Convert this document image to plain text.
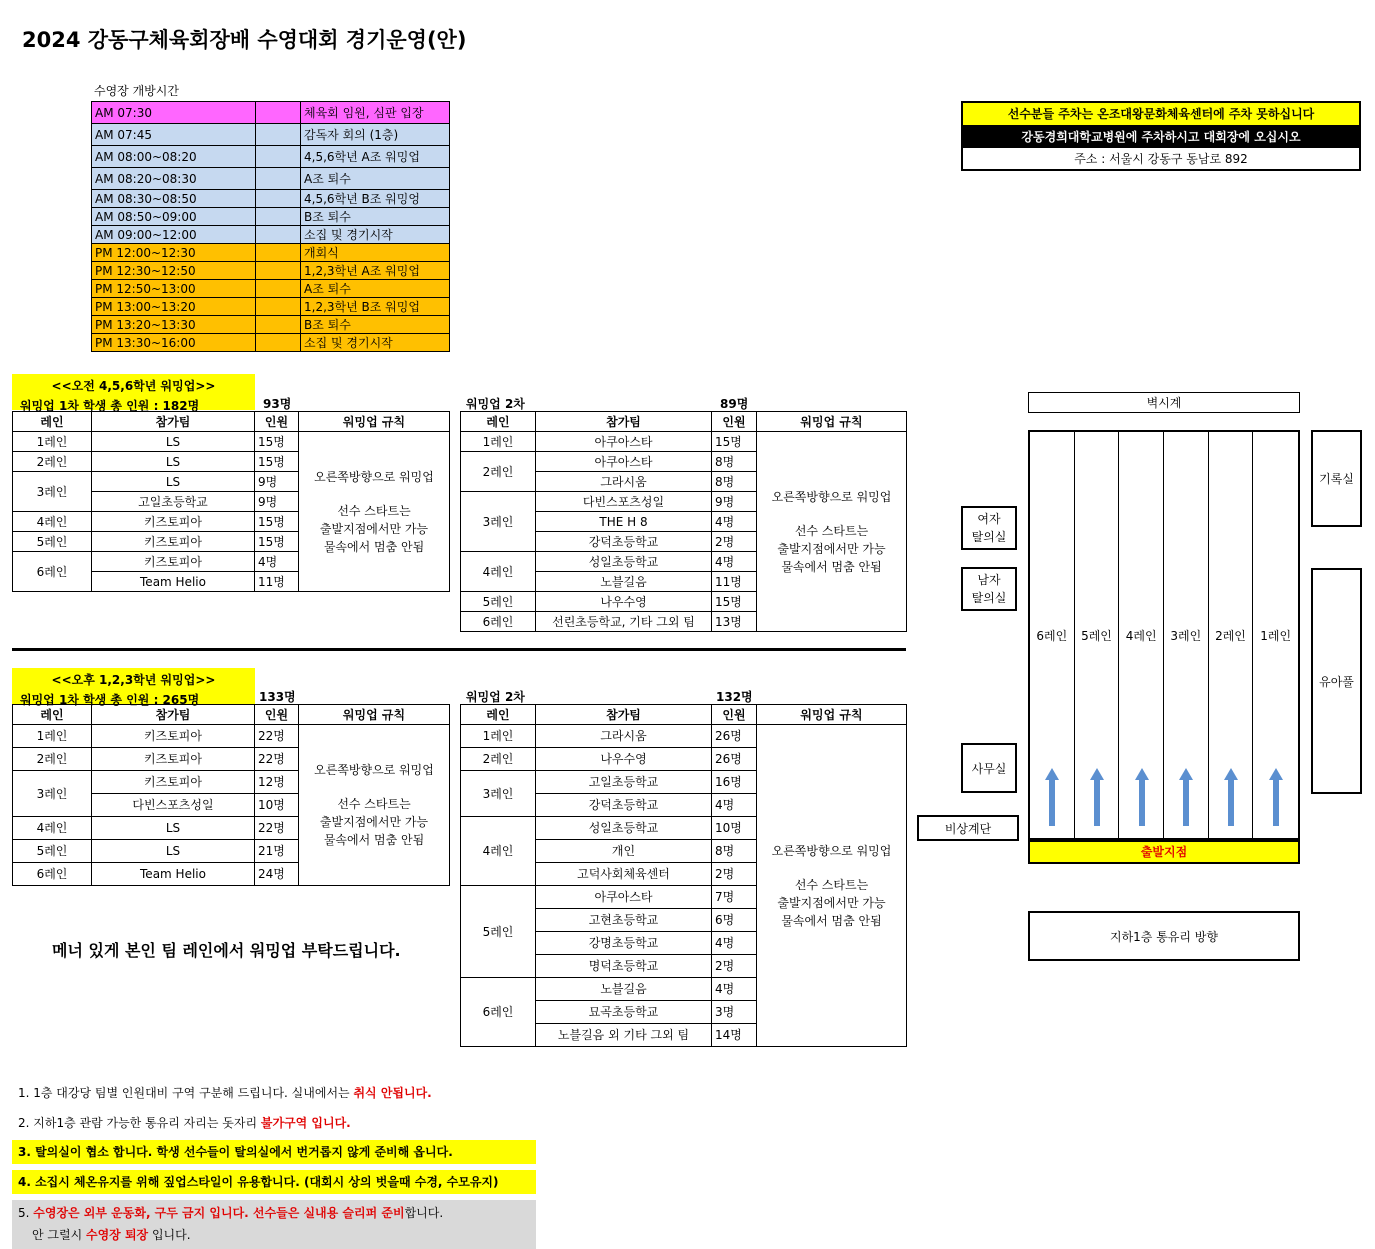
2024 강동구체육회장배 수영대회 경기운영(안)
수영장 개방시간
AM 07:30		체육회 임원, 심판 입장
AM 07:45		감독자 회의 (1층)
AM 08:00~08:20		4,5,6학년 A조 워밍업
AM 08:20~08:30		A조 퇴수
AM 08:30~08:50		4,5,6학년 B조 워밍엉
AM 08:50~09:00		B조 퇴수
AM 09:00~12:00		소집 및 경기시작
PM 12:00~12:30		개회식
PM 12:30~12:50		1,2,3학년 A조 워밍업
PM 12:50~13:00		A조 퇴수
PM 13:00~13:20		1,2,3학년 B조 워밍업
PM 13:20~13:30		B조 퇴수
PM 13:30~16:00		소집 및 경기시작
선수분들 주차는 온조대왕문화체육센터에 주차 못하십니다
강동경희대학교병원에 주차하시고 대회장에 오십시오
주소 : 서울시 강동구 동남로 892
<<오전 4,5,6학년 워밍업>>
워밍업 1차 학생 총 인원 : 182명	93명	워밍업 2차	89명
레인	참가팀	인원	워밍업 규칙
1레인	LS	15명	오른쪽방향으로 워밍업
선수 스타트는
출발지점에서만 가능
물속에서 멈춤 안됨

2레인	LS	15명	
3레인	LS	9명	
	고일초등학교	9명	
4레인	키즈토피아	15명	
5레인	키즈토피아	15명	
6레인	키즈토피아	4명	
	Team Helio	11명	
레인	참가팀	인원	워밍업 규칙
1레인	아쿠아스타	15명	오른쪽방향으로 워밍업
선수 스타트는
출발지점에서만 가능
물속에서 멈춤 안됨

2레인	아쿠아스타	8명	
	그라시움	8명	
3레인	다빈스포츠성일	9명	
	THE H 8	4명	
	강덕초등학교	2명	
4레인	성일초등학교	4명	
	노블길음	11명	
5레인	나우수영	15명	
6레인	선린초등학교, 기타 그외 팀	13명	
<<오후 1,2,3학년 워밍업>>
워밍업 1차 학생 총 인원 : 265명	133명	워밍업 2차	132명
레인	참가팀	인원	워밍업 규칙
1레인	키즈토피아	22명	오른쪽방향으로 워밍업
선수 스타트는
출발지점에서만 가능
물속에서 멈춤 안됨

2레인	키즈토피아	22명	
3레인	키즈토피아	12명	
	다빈스포츠성일	10명	
4레인	LS	22명	
5레인	LS	21명	
6레인	Team Helio	24명	
레인	참가팀	인원	워밍업 규칙
1레인	그라시움	26명	오른쪽방향으로 워밍업
선수 스타트는
출발지점에서만 가능
물속에서 멈춤 안됨

2레인	나우수영	26명	
3레인	고일초등학교	16명	
	강덕초등학교	4명	
4레인	성일초등학교	10명	
	개인	8명	
	고덕사회체육센터	2명	
5레인	아쿠아스타	7명	
	고현초등학교	6명	
	강명초등학교	4명	
	명덕초등학교	2명	
6레인	노블길음	4명	
	묘곡초등학교	3명	
	노블길음 외 기타 그외 팀	14명	
메너 있게 본인 팀 레인에서 워밍업 부탁드립니다.
벽시계
기록실
여자
탈의실
남자
탈의실
사무실
비상계단
유아풀
6레인	5레인	4레인	3레인	2레인	1레인
출발지점
지하1층 통유리 방향
1. 1층 대강당 팀별 인원대비 구역 구분해 드립니다. 실내에서는 취식 안됩니다.
2. 지하1층 관람 가능한 통유리 자리는 돗자리 불가구역 입니다.
3. 탈의실이 협소 합니다. 학생 선수들이 탈의실에서 번거롭지 않게 준비해 옵니다.
4. 소집시 체온유지를 위해 짚업스타일이 유용합니다. (대회시 상의 벗을때 수경, 수모유지)
5. 수영장은 외부 운동화, 구두 금지 입니다. 선수들은 실내용 슬리퍼 준비합니다.
안 그럴시 수영장 퇴장 입니다.
